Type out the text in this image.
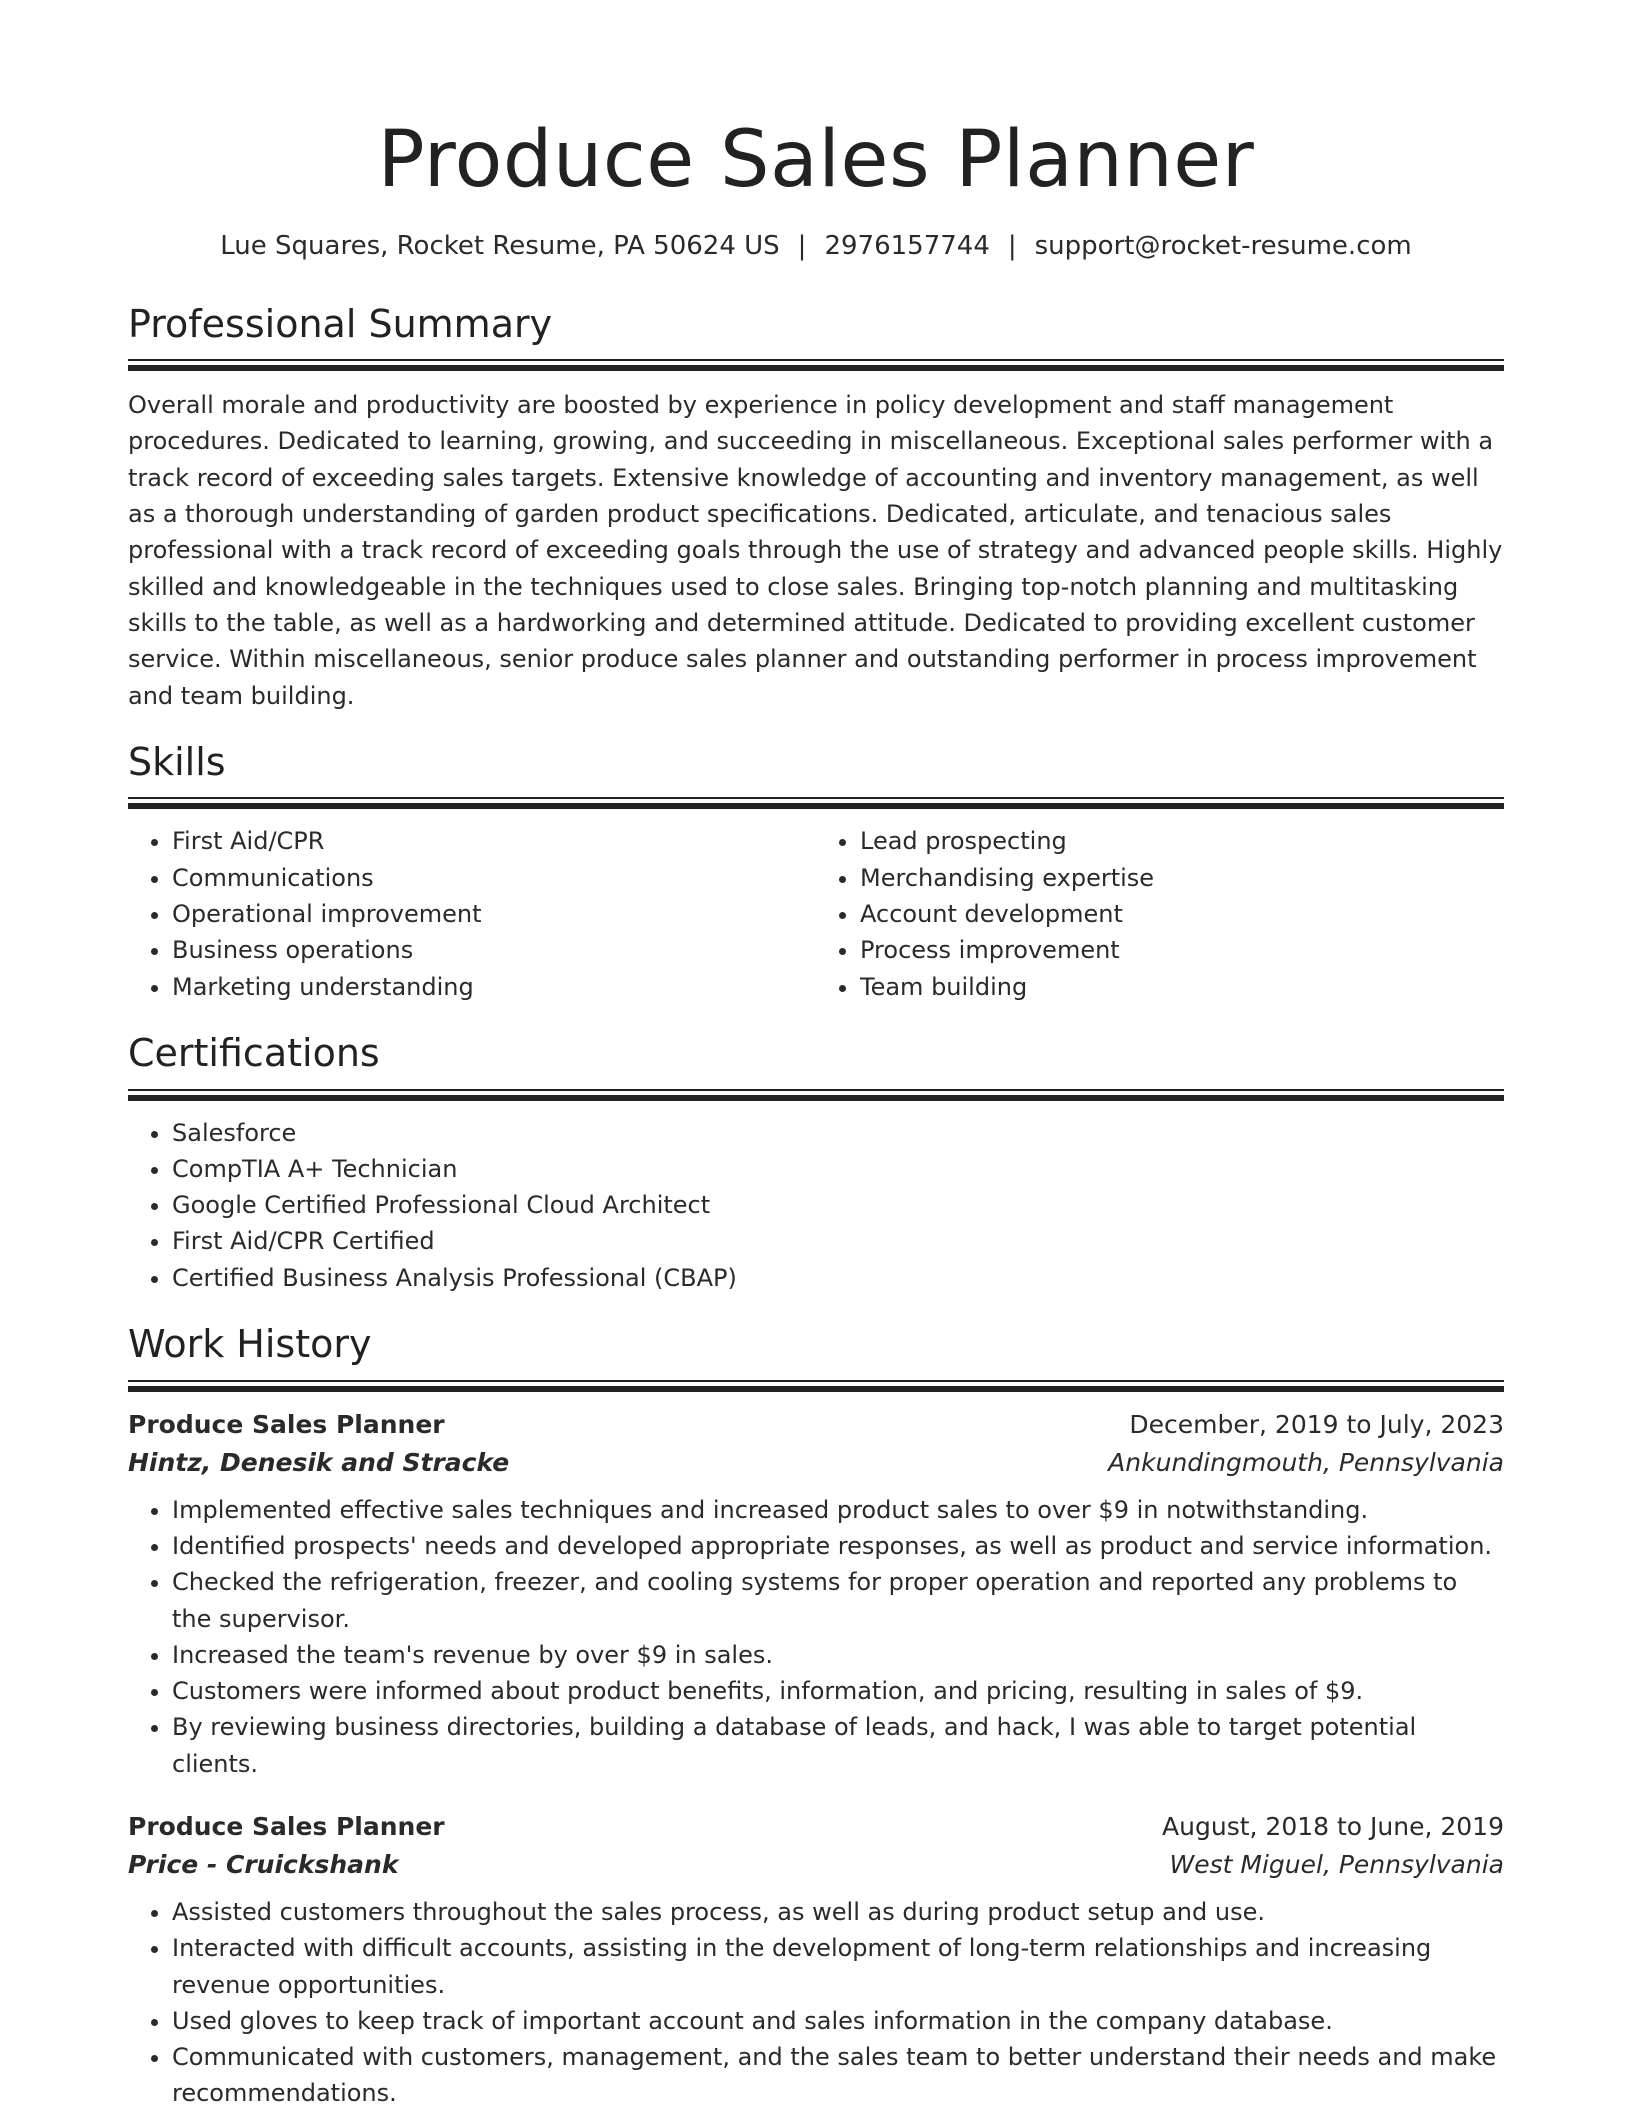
Produce Sales Planner
Lue Squares, Rocket Resume, PA 50624 US | 2976157744 | support@rocket-resume.com
Professional Summary

Overall morale and productivity are boosted by experience in policy development and staff management procedures. Dedicated to learning, growing, and succeeding in miscellaneous. Exceptional sales performer with a track record of exceeding sales targets. Extensive knowledge of accounting and inventory management, as well as a thorough understanding of garden product specifications. Dedicated, articulate, and tenacious sales professional with a track record of exceeding goals through the use of strategy and advanced people skills. Highly skilled and knowledgeable in the techniques used to close sales. Bringing top-notch planning and multitasking skills to the table, as well as a hardworking and determined attitude. Dedicated to providing excellent customer service. Within miscellaneous, senior produce sales planner and outstanding performer in process improvement and team building.

Skills
• First Aid/CPR
• Communications
• Operational improvement
• Business operations
• Marketing understanding
• Lead prospecting
• Merchandising expertise
• Account development
• Process improvement
• Team building
Certifications
• Salesforce
• CompTIA A+ Technician
• Google Certified Professional Cloud Architect
• First Aid/CPR Certified
• Certified Business Analysis Professional (CBAP)
Work History
Produce Sales Planner	December, 2019 to July, 2023
Hintz, Denesik and Stracke	Ankundingmouth, Pennsylvania
• Implemented effective sales techniques and increased product sales to over $9 in notwithstanding.
• Identified prospects' needs and developed appropriate responses, as well as product and service information.
• Checked the refrigeration, freezer, and cooling systems for proper operation and reported any problems to the supervisor.
• Increased the team's revenue by over $9 in sales.
• Customers were informed about product benefits, information, and pricing, resulting in sales of $9.
• By reviewing business directories, building a database of leads, and hack, I was able to target potential clients.
Produce Sales Planner	August, 2018 to June, 2019
Price - Cruickshank	West Miguel, Pennsylvania
• Assisted customers throughout the sales process, as well as during product setup and use.
• Interacted with difficult accounts, assisting in the development of long-term relationships and increasing revenue opportunities.
• Used gloves to keep track of important account and sales information in the company database.
• Communicated with customers, management, and the sales team to better understand their needs and make recommendations.
